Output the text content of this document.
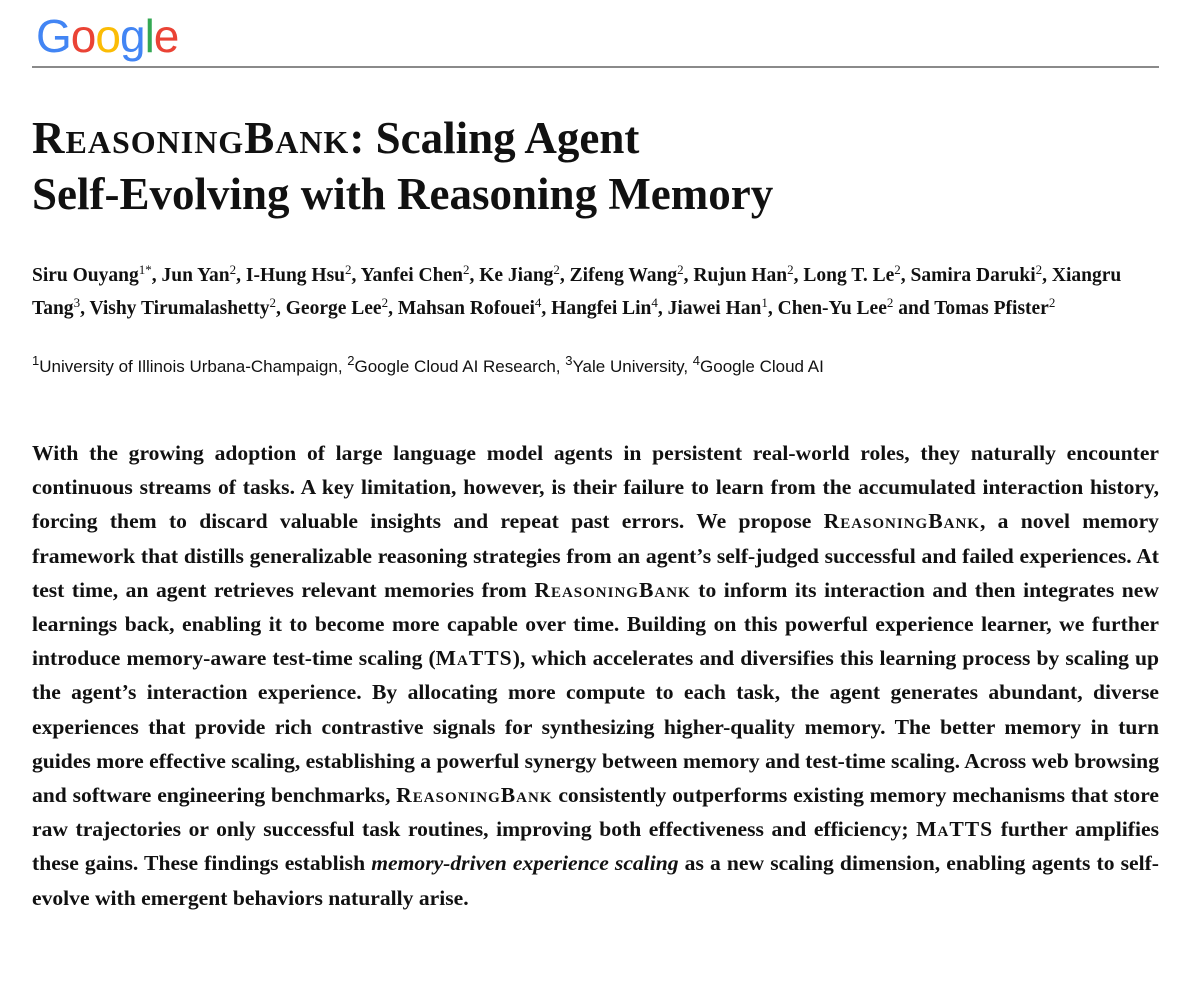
Google
ReasoningBank: Scaling Agent
Self-Evolving with Reasoning Memory

Siru Ouyang$^{1*}$, Jun Yan$^2$, I-Hung Hsu$^2$, Yanfei Chen$^2$, Ke Jiang$^2$, Zifeng Wang$^2$, Rujun Han$^2$, Long T. Le$^2$, Samira Daruki$^2$, Xiangru Tang$^3$, Vishy Tirumalashetty$^2$, George Lee$^2$, Mahsan Rofouei$^4$, Hangfei Lin$^4$, Jiawei Han$^1$, Chen-Yu Lee$^2$ and Tomas Pfister$^2$

$^1$University of Illinois Urbana-Champaign, $^2$Google Cloud AI Research, $^3$Yale University, $^4$Google Cloud AI

With the growing adoption of large language model agents in persistent real-world roles, they naturally encounter continuous streams of tasks. A key limitation, however, is their failure to learn from the accumulated interaction history, forcing them to discard valuable insights and repeat past errors. We propose ReasoningBank, a novel memory framework that distills generalizable reasoning strategies from an agent’s self-judged successful and failed experiences. At test time, an agent retrieves relevant memories from ReasoningBank to inform its interaction and then integrates new learnings back, enabling it to become more capable over time. Building on this powerful experience learner, we further introduce memory-aware test-time scaling (MaTTS), which accelerates and diversifies this learning process by scaling up the agent’s interaction experience. By allocating more compute to each task, the agent generates abundant, diverse experiences that provide rich contrastive signals for synthesizing higher-quality memory. The better memory in turn guides more effective scaling, establishing a powerful synergy between memory and test-time scaling. Across web browsing and software engineering benchmarks, ReasoningBank consistently outperforms existing memory mechanisms that store raw trajectories or only successful task routines, improving both effectiveness and efficiency; MaTTS further amplifies these gains. These findings establish memory-driven experience scaling as a new scaling dimension, enabling agents to self-evolve with emergent behaviors naturally arise.
